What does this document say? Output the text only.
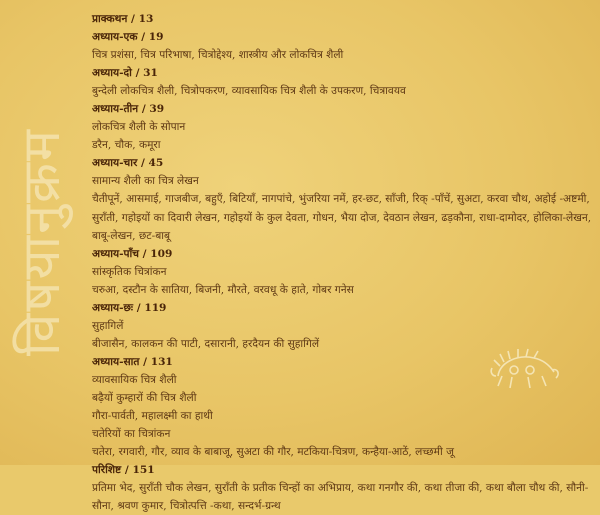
विषयानुक्रम
प्राक्कथन / 13
अध्याय-एक / 19
चित्र प्रशंसा, चित्र परिभाषा, चित्रोद्देश्य, शास्त्रीय और लोकचित्र शैली
अध्याय-दो / 31
बुन्देली लोकचित्र शैली, चित्रोपकरण, व्यावसायिक चित्र शैली के उपकरण, चित्रावयव
अध्याय-तीन / 39
लोकचित्र शैली के सोपान
डरैन, चौक, कमूरा
अध्याय-चार / 45
सामान्य शैली का चित्र लेखन
चैतीपूनें, आसमाई, गाजबीज, बहुएँ, बिटियाँ, नागपांचे, भुंजरिया नमें, हर-छट, साँजी, रिक् -पाँचें, सुअटा, करवा चौथ, अहोई -अष्टमी, सुराँती, गहोइयों का दिवारी लेखन, गहोइयों के कुल देवता, गोधन, भैया दोज, देवठान लेखन, ढड़कौना, राधा-दामोदर, होलिका-लेखन, बाबू-लेखन, छट-बाबू
अध्याय-पाँच / 109
सांस्कृतिक चित्रांकन
चरुआ, दस्टौन के सातिया, बिजनी, मौरते, वरवधू के हाते, गोबर गनेस
अध्याय-छः / 119
सुहागिलें
बीजासैन, कालकन की पाटी, दसारानी, हरदैयन की सुहागिलें
अध्याय-सात / 131
व्यावसायिक चित्र शैली
बढ़ैयों कुम्हारों की चित्र शैली
गौरा-पार्वती, महालक्ष्मी का हाथी
चतेरियों का चित्रांकन
चतेरा, रगवारी, गौर, व्याव के बाबाजू, सुअटा की गौर, मटकिया-चित्रण, कन्हैया-आठें, लच्छमी जू
परिशिष्ट / 151
प्रतिमा भेद, सुराँती चौक लेखन, सुराँती के प्रतीक चिन्हों का अभिप्राय, कथा गनगौर की, कथा तीजा की, कथा बौला चौथ की, सौनी-सौना, श्रवण कुमार, चित्रोत्पत्ति -कथा, सन्दर्भ-ग्रन्थ
